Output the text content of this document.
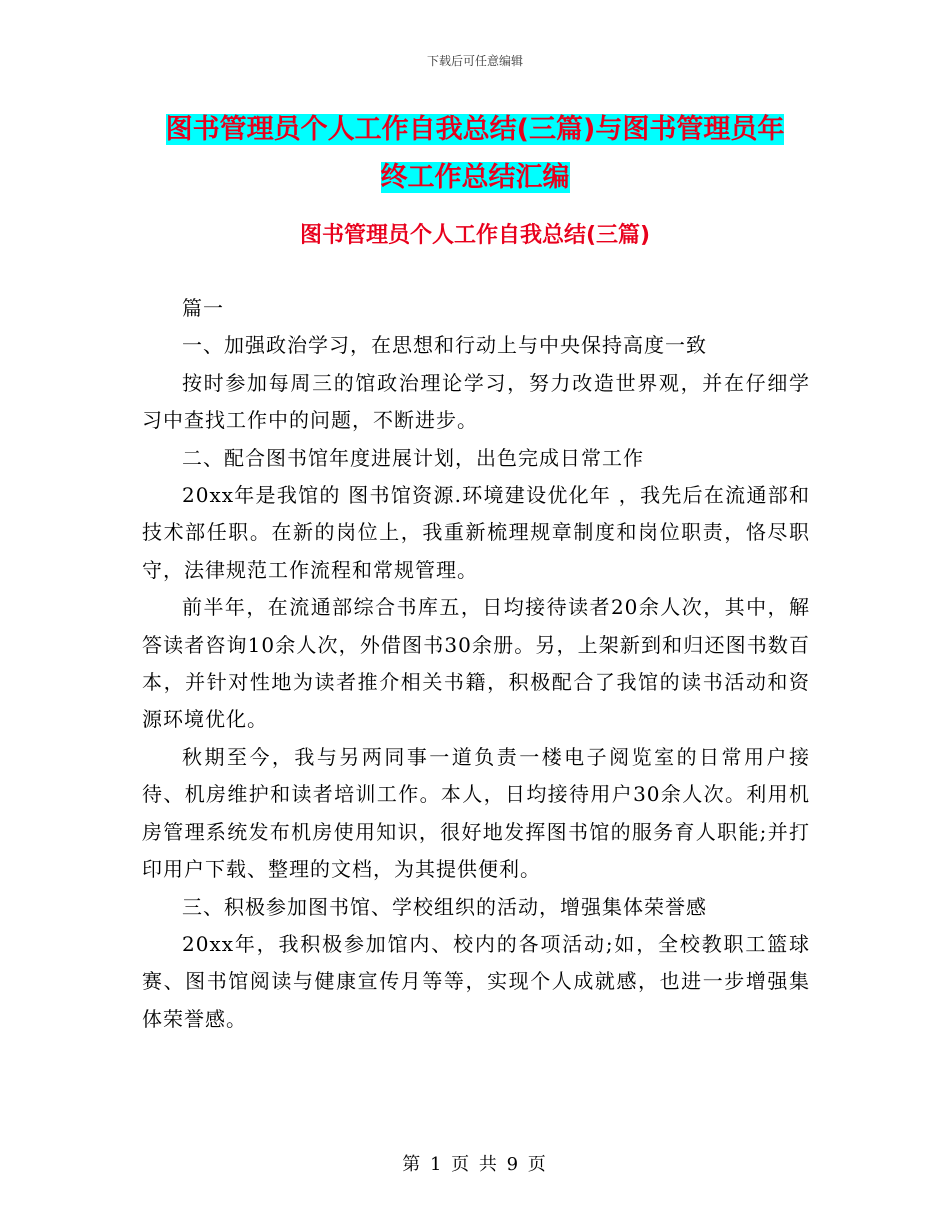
下载后可任意编辑
图书管理员个人工作自我总结(三篇)与图书管理员年
终工作总结汇编
图书管理员个人工作自我总结(三篇)

篇一

一、加强政治学习，在思想和行动上与中央保持高度一致

按时参加每周三的馆政治理论学习，努力改造世界观，并在仔细学习中查找工作中的问题，不断进步。

二、配合图书馆年度进展计划，出色完成日常工作

20xx年是我馆的 图书馆资源.环境建设优化年 ，我先后在流通部和技术部任职。在新的岗位上，我重新梳理规章制度和岗位职责，恪尽职守，法律规范工作流程和常规管理。

前半年，在流通部综合书库五，日均接待读者20余人次，其中，解答读者咨询10余人次，外借图书30余册。另，上架新到和归还图书数百本，并针对性地为读者推介相关书籍，积极配合了我馆的读书活动和资源环境优化。

秋期至今，我与另两同事一道负责一楼电子阅览室的日常用户接待、机房维护和读者培训工作。本人，日均接待用户30余人次。利用机房管理系统发布机房使用知识，很好地发挥图书馆的服务育人职能;并打印用户下载、整理的文档，为其提供便利。

三、积极参加图书馆、学校组织的活动，增强集体荣誉感

20xx年，我积极参加馆内、校内的各项活动;如，全校教职工篮球赛、图书馆阅读与健康宣传月等等，实现个人成就感，也进一步增强集体荣誉感。

第 1 页 共 9 页
